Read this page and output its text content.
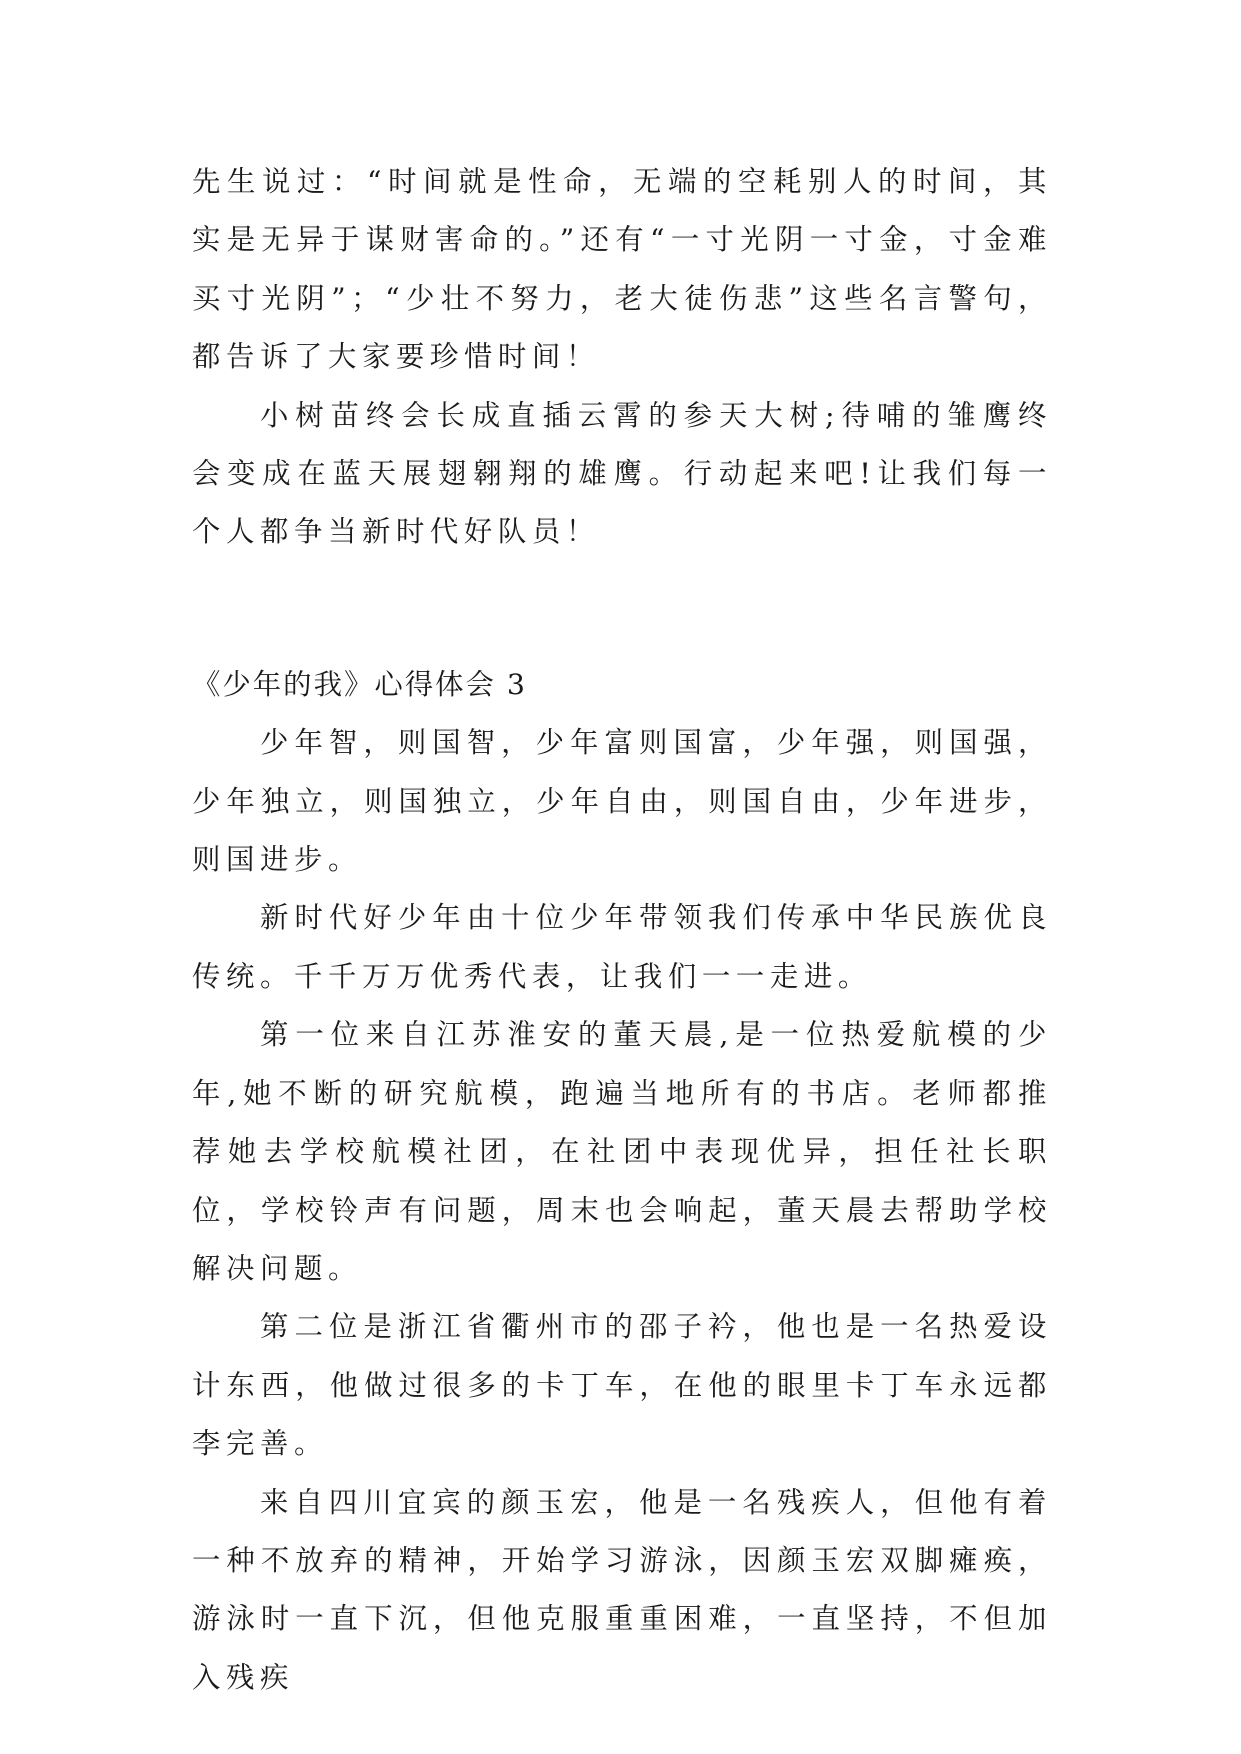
先生说过：“时间就是性命，无端的空耗别人的时间，其实是无异于谋财害命的。”还有“一寸光阴一寸金，寸金难买寸光阴”；“少壮不努力，老大徒伤悲”这些名言警句，都告诉了大家要珍惜时间！

小树苗终会长成直插云霄的参天大树;待哺的雏鹰终会变成在蓝天展翅翱翔的雄鹰。行动起来吧!让我们每一个人都争当新时代好队员！

《少年的我》心得体会 3

少年智，则国智，少年富则国富，少年强，则国强，少年独立，则国独立，少年自由，则国自由，少年进步，则国进步。

新时代好少年由十位少年带领我们传承中华民族优良传统。千千万万优秀代表，让我们一一走进。

第一位来自江苏淮安的董天晨,是一位热爱航模的少年,她不断的研究航模，跑遍当地所有的书店。老师都推荐她去学校航模社团，在社团中表现优异，担任社长职位，学校铃声有问题，周末也会响起，董天晨去帮助学校解决问题。

第二位是浙江省衢州市的邵子衿，他也是一名热爱设计东西，他做过很多的卡丁车，在他的眼里卡丁车永远都李完善。

来自四川宜宾的颜玉宏，他是一名残疾人，但他有着一种不放弃的精神，开始学习游泳，因颜玉宏双脚瘫痪，游泳时一直下沉，但他克服重重困难，一直坚持，不但加入残疾
